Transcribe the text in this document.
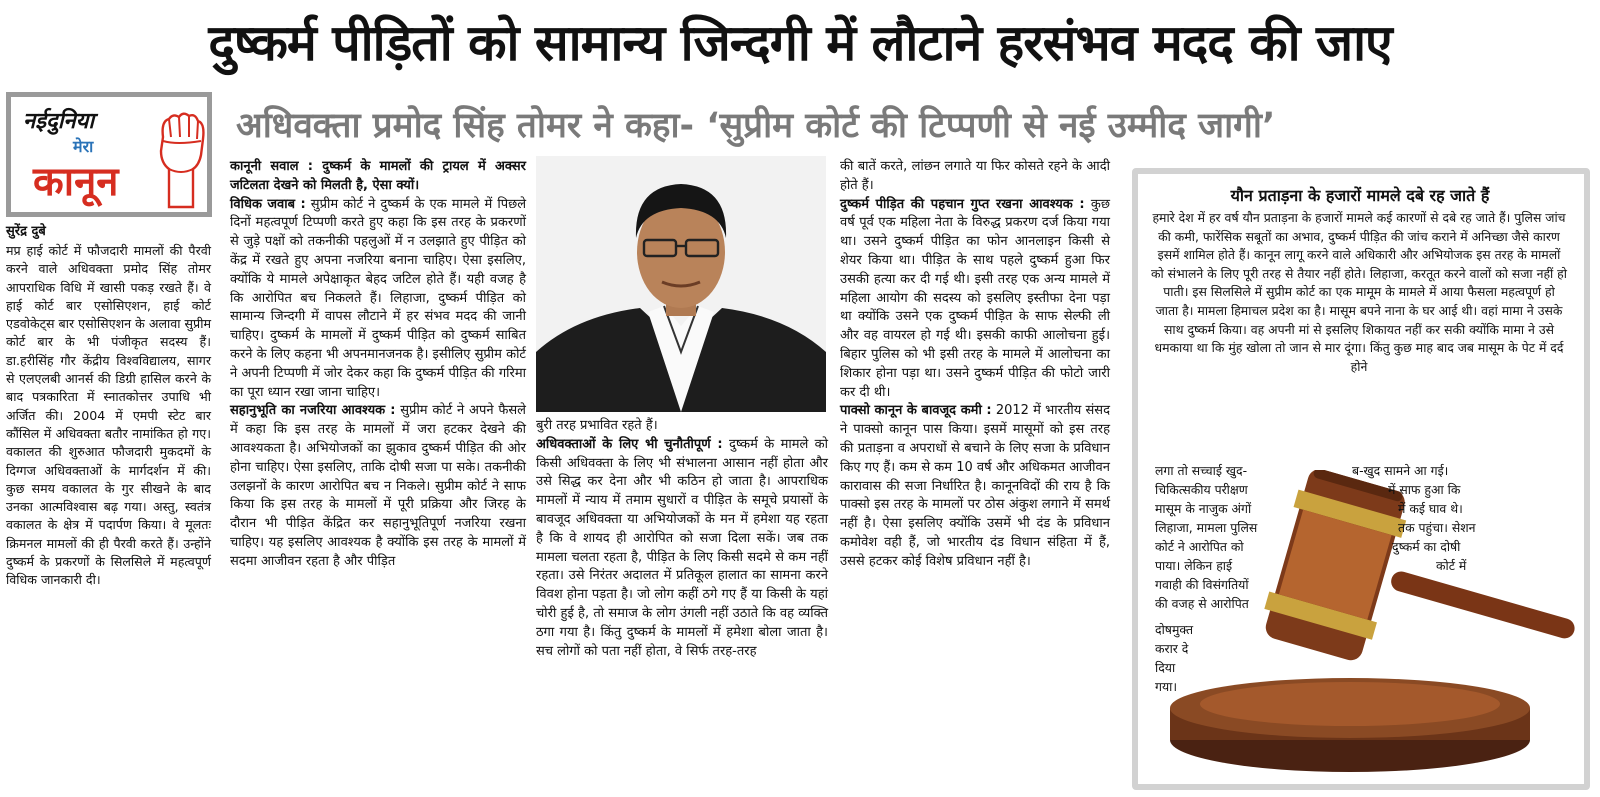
दुष्कर्म पीड़ितों को सामान्य जिन्दगी में लौटाने हरसंभव मदद की जाए
नईदुनिया
मेरा
कानून
अधिवक्ता प्रमोद सिंह तोमर ने कहा- ‘सुप्रीम कोर्ट की टिप्पणी से नई उम्मीद जागी’
सुरेंद्र दुबे

मप्र हाई कोर्ट में फौजदारी मामलों की पैरवी करने वाले अधिवक्ता प्रमोद सिंह तोमर आपराधिक विधि में खासी पकड़ रखते हैं। वे हाई कोर्ट बार एसोसिएशन, हाई कोर्ट एडवोकेट्स बार एसोसिएशन के अलावा सुप्रीम कोर्ट बार के भी पंजीकृत सदस्य हैं। डा.हरीसिंह गौर केंद्रीय विश्वविद्यालय, सागर से एलएलबी आनर्स की डिग्री हासिल करने के बाद पत्रकारिता में स्नातकोत्तर उपाधि भी अर्जित की। 2004 में एमपी स्टेट बार कौंसिल में अधिवक्ता बतौर नामांकित हो गए। वकालत की शुरुआत फौजदारी मुकदमों के दिग्गज अधिवक्ताओं के मार्गदर्शन में की। कुछ समय वकालत के गुर सीखने के बाद उनका आत्मविश्वास बढ़ गया। अस्तु, स्वतंत्र वकालत के क्षेत्र में पदार्पण किया। वे मूलतः क्रिमनल मामलों की ही पैरवी करते हैं। उन्होंने दुष्कर्म के प्रकरणों के सिलसिले में महत्वपूर्ण विधिक जानकारी दी।

कानूनी सवाल : दुष्कर्म के मामलों की ट्रायल में अक्सर जटिलता देखने को मिलती है, ऐसा क्यों।

विधिक जवाब : सुप्रीम कोर्ट ने दुष्कर्म के एक मामले में पिछले दिनों महत्वपूर्ण टिप्पणी करते हुए कहा कि इस तरह के प्रकरणों से जुड़े पक्षों को तकनीकी पहलुओं में न उलझाते हुए पीड़ित को केंद्र में रखते हुए अपना नजरिया बनाना चाहिए। ऐसा इसलिए, क्योंकि ये मामले अपेक्षाकृत बेहद जटिल होते हैं। यही वजह है कि आरोपित बच निकलते हैं। लिहाजा, दुष्कर्म पीड़ित को सामान्य जिन्दगी में वापस लौटाने में हर संभव मदद की जानी चाहिए। दुष्कर्म के मामलों में दुष्कर्म पीड़ित को दुष्कर्म साबित करने के लिए कहना भी अपनमानजनक है। इसीलिए सुप्रीम कोर्ट ने अपनी टिप्पणी में जोर देकर कहा कि दुष्कर्म पीड़ित की गरिमा का पूरा ध्यान रखा जाना चाहिए।

सहानुभूति का नजरिया आवश्यक : सुप्रीम कोर्ट ने अपने फैसले में कहा कि इस तरह के मामलों में जरा हटकर देखने की आवश्यकता है। अभियोजकों का झुकाव दुष्कर्म पीड़ित की ओर होना चाहिए। ऐसा इसलिए, ताकि दोषी सजा पा सके। तकनीकी उलझनों के कारण आरोपित बच न निकले। सुप्रीम कोर्ट ने साफ किया कि इस तरह के मामलों में पूरी प्रक्रिया और जिरह के दौरान भी पीड़ित केंद्रित कर सहानुभूतिपूर्ण नजरिया रखना चाहिए। यह इसलिए आवश्यक है क्योंकि इस तरह के मामलों में सदमा आजीवन रहता है और पीड़ित

बुरी तरह प्रभावित रहते हैं।

अधिवक्ताओं के लिए भी चुनौतीपूर्ण : दुष्कर्म के मामले को किसी अधिवक्ता के लिए भी संभालना आसान नहीं होता और उसे सिद्ध कर देना और भी कठिन हो जाता है। आपराधिक मामलों में न्याय में तमाम सुधारों व पीड़ित के समूचे प्रयासों के बावजूद अधिवक्ता या अभियोजकों के मन में हमेशा यह रहता है कि वे शायद ही आरोपित को सजा दिला सकें। जब तक मामला चलता रहता है, पीड़ित के लिए किसी सदमे से कम नहीं रहता। उसे निरंतर अदालत में प्रतिकूल हालात का सामना करने विवश होना पड़ता है। जो लोग कहीं ठगे गए हैं या किसी के यहां चोरी हुई है, तो समाज के लोग उंगली नहीं उठाते कि वह व्यक्ति ठगा गया है। किंतु दुष्कर्म के मामलों में हमेशा बोला जाता है। सच लोगों को पता नहीं होता, वे सिर्फ तरह-तरह

की बातें करते, लांछन लगाते या फिर कोसते रहने के आदी होते हैं।

दुष्कर्म पीड़ित की पहचान गुप्त रखना आवश्यक : कुछ वर्ष पूर्व एक महिला नेता के विरुद्ध प्रकरण दर्ज किया गया था। उसने दुष्कर्म पीड़ित का फोन आनलाइन किसी से शेयर किया था। पीड़ित के साथ पहले दुष्कर्म हुआ फिर उसकी हत्या कर दी गई थी। इसी तरह एक अन्य मामले में महिला आयोग की सदस्य को इसलिए इस्तीफा देना पड़ा था क्योंकि उसने एक दुष्कर्म पीड़ित के साफ सेल्फी ली और वह वायरल हो गई थी। इसकी काफी आलोचना हुई। बिहार पुलिस को भी इसी तरह के मामले में आलोचना का शिकार होना पड़ा था। उसने दुष्कर्म पीड़ित की फोटो जारी कर दी थी।

पाक्सो कानून के बावजूद कमी : 2012 में भारतीय संसद ने पाक्सो कानून पास किया। इसमें मासूमों को इस तरह की प्रताड़ना व अपराधों से बचाने के लिए सजा के प्रविधान किए गए हैं। कम से कम 10 वर्ष और अधिकमत आजीवन कारावास की सजा निर्धारित है। कानूनविदों की राय है कि पाक्सो इस तरह के मामलों पर ठोस अंकुश लगाने में समर्थ नहीं है। ऐसा इसलिए क्योंकि उसमें भी दंड के प्रविधान कमोवेश वही हैं, जो भारतीय दंड विधान संहिता में हैं, उससे हटकर कोई विशेष प्रविधान नहीं है।

यौन प्रताड़ना के हजारों मामले दबे रह जाते हैं

हमारे देश में हर वर्ष यौन प्रताड़ना के हजारों मामले कई कारणों से दबे रह जाते हैं। पुलिस जांच की कमी, फारेंसिक सबूतों का अभाव, दुष्कर्म पीड़ित की जांच कराने में अनिच्छा जैसे कारण इसमें शामिल होते हैं। कानून लागू करने वाले अधिकारी और अभियोजक इस तरह के मामलों को संभालने के लिए पूरी तरह से तैयार नहीं होते। लिहाजा, करतूत करने वालों को सजा नहीं हो पाती। इस सिलसिले में सुप्रीम कोर्ट का एक मामूम के मामले में आया फैसला महत्वपूर्ण हो जाता है। मामला हिमाचल प्रदेश का है। मासूम बपने नाना के घर आई थी। वहां मामा ने उसके साथ दुष्कर्म किया। वह अपनी मां से इसलिए शिकायत नहीं कर सकी क्योंकि मामा ने उसे धमकाया था कि मुंह खोला तो जान से मार दूंगा। किंतु कुछ माह बाद जब मासूम के पेट में दर्द होने

लगा तो सच्चाई खुद-
चिकित्सकीय परीक्षण
मासूम के नाजुक अंगों
लिहाजा, मामला पुलिस
कोर्ट ने आरोपित को
पाया। लेकिन हाई
गवाही की विसंगतियों
की वजह से आरोपित
दोषमुक्त
करार दे
दिया
गया।
ब-खुद सामने आ गई।
में साफ हुआ कि
में कई घाव थे।
तक पहुंचा। सेशन
दुष्कर्म का दोषी
कोर्ट में
